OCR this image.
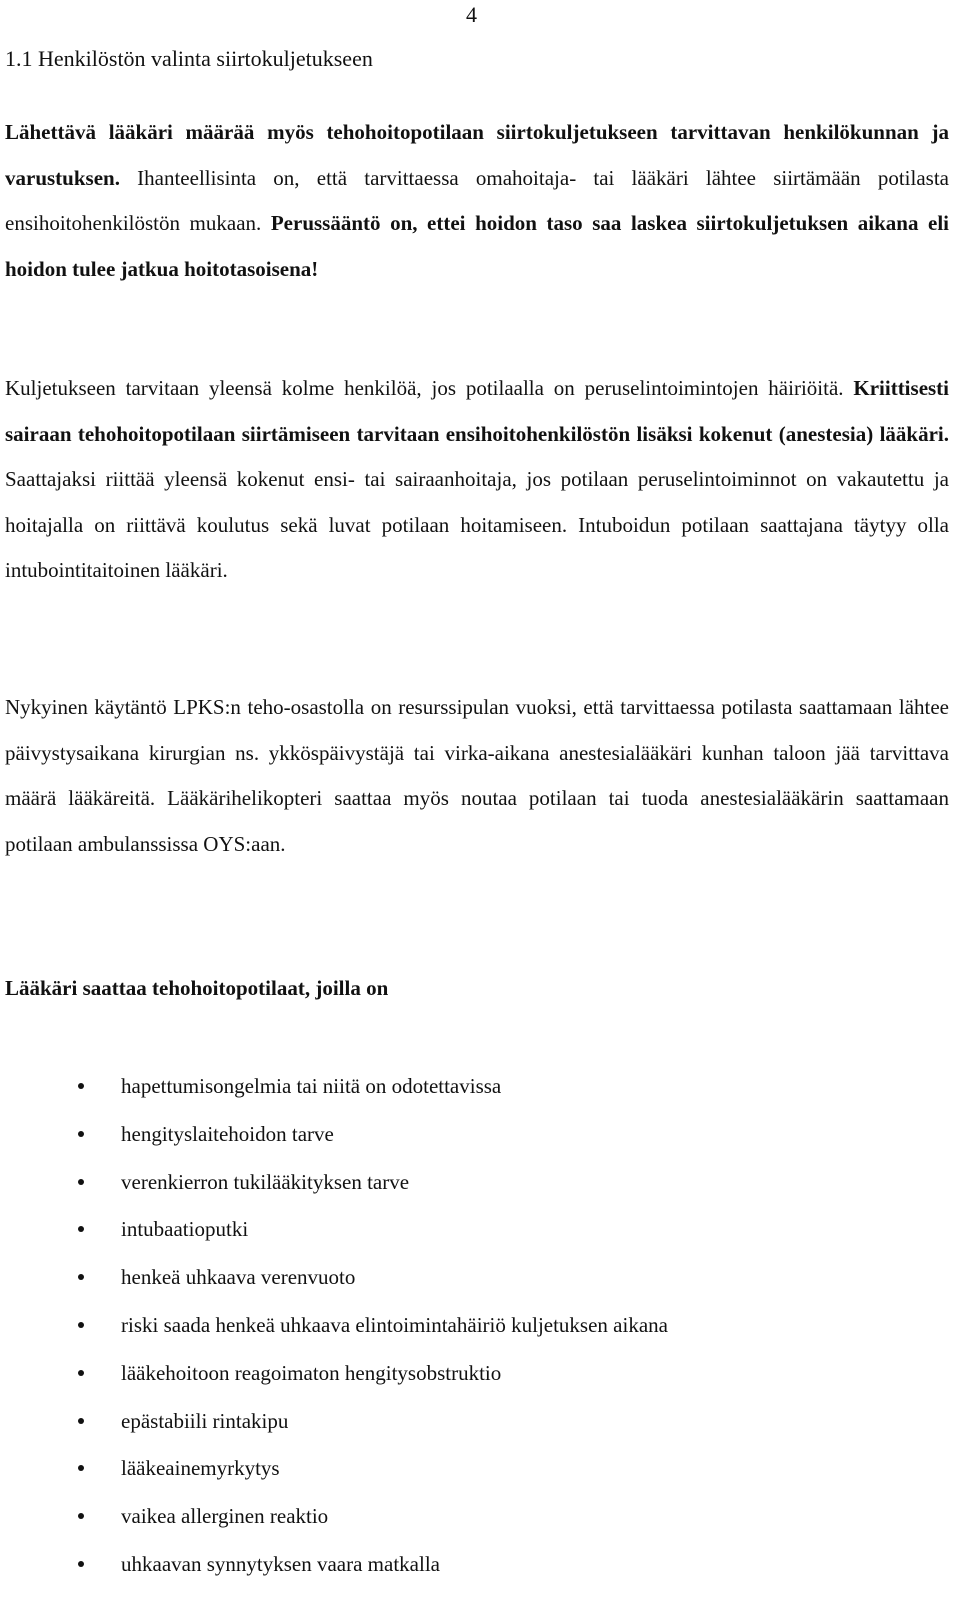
4
1.1 Henkilöstön valinta siirtokuljetukseen

Lähettävä lääkäri määrää myös tehohoitopotilaan siirtokuljetukseen tarvittavan henkilökunnan ja varustuksen. Ihanteellisinta on, että tarvittaessa omahoitaja- tai lääkäri lähtee siirtämään potilasta ensihoitohenkilöstön mukaan. Perussääntö on, ettei hoidon taso saa laskea siirtokuljetuksen aikana eli hoidon tulee jatkua hoitotasoisena!

Kuljetukseen tarvitaan yleensä kolme henkilöä, jos potilaalla on peruselintoimintojen häiriöitä. Kriittisesti sairaan tehohoitopotilaan siirtämiseen tarvitaan ensihoitohenkilöstön lisäksi kokenut (anestesia) lääkäri. Saattajaksi riittää yleensä kokenut ensi- tai sairaanhoitaja, jos potilaan peruselintoiminnot on vakautettu ja hoitajalla on riittävä koulutus sekä luvat potilaan hoitamiseen. Intuboidun potilaan saattajana täytyy olla intubointitaitoinen lääkäri.

Nykyinen käytäntö LPKS:n teho-osastolla on resurssipulan vuoksi, että tarvittaessa potilasta saattamaan lähtee päivystysaikana kirurgian ns. ykköspäivystäjä tai virka-aikana anestesialääkäri kunhan taloon jää tarvittava määrä lääkäreitä. Lääkärihelikopteri saattaa myös noutaa potilaan tai tuoda anestesialääkärin saattamaan potilaan ambulanssissa OYS:aan.

Lääkäri saattaa tehohoitopotilaat, joilla on
hapettumisongelmia tai niitä on odotettavissa
hengityslaitehoidon tarve
verenkierron tukilääkityksen tarve
intubaatioputki
henkeä uhkaava verenvuoto
riski saada henkeä uhkaava elintoimintahäiriö kuljetuksen aikana
lääkehoitoon reagoimaton hengitysobstruktio
epästabiili rintakipu
lääkeainemyrkytys
vaikea allerginen reaktio
uhkaavan synnytyksen vaara matkalla
